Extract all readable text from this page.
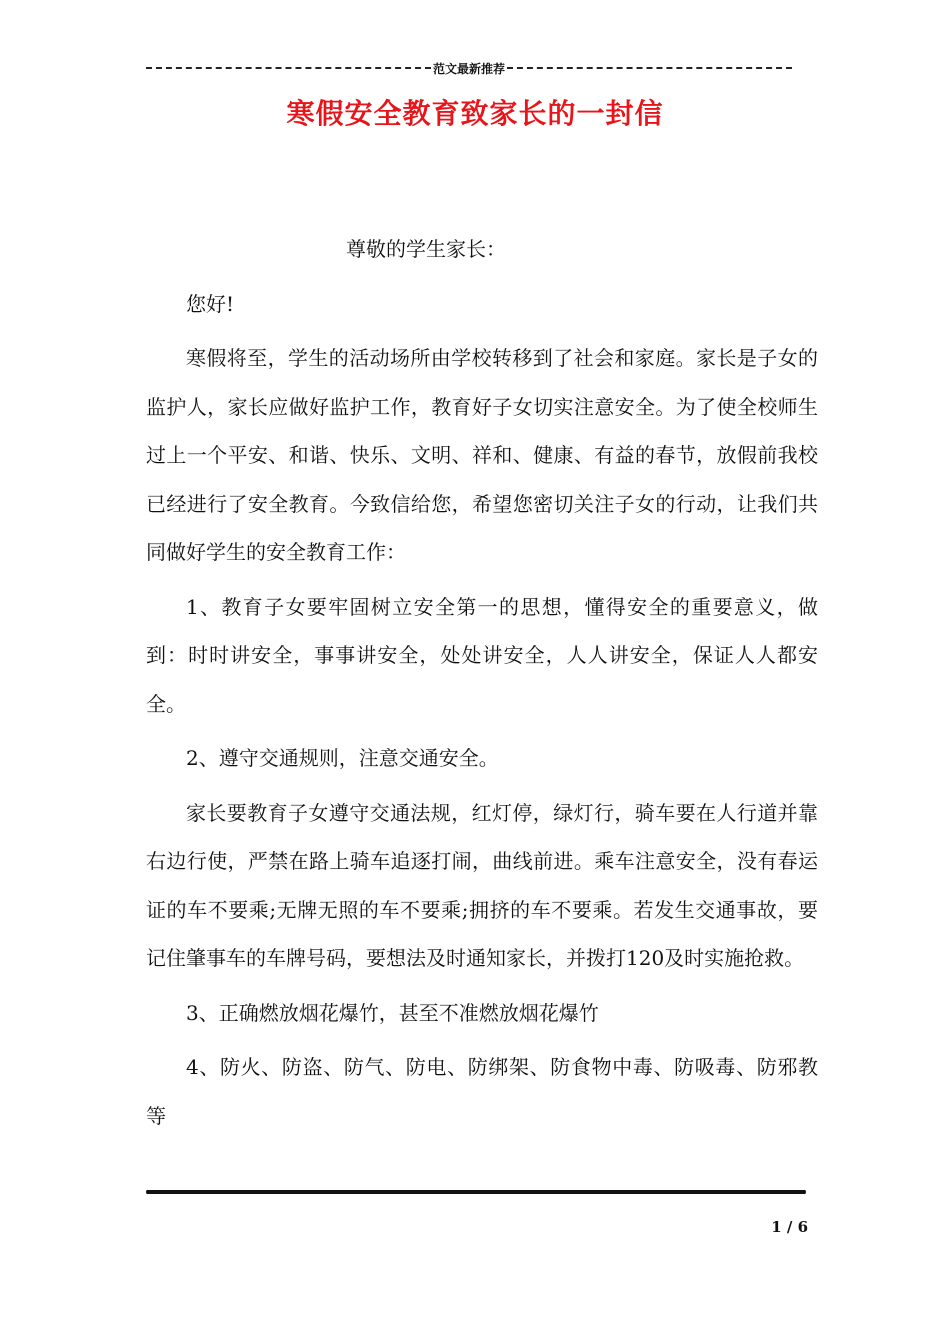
范文最新推荐
寒假安全教育致家长的一封信

尊敬的学生家长：

您好!

寒假将至，学生的活动场所由学校转移到了社会和家庭。家长是子女的监护人，家长应做好监护工作，教育好子女切实注意安全。为了使全校师生过上一个平安、和谐、快乐、文明、祥和、健康、有益的春节，放假前我校已经进行了安全教育。今致信给您，希望您密切关注子女的行动，让我们共同做好学生的安全教育工作：

1、教育子女要牢固树立安全第一的思想，懂得安全的重要意义，做到：时时讲安全，事事讲安全，处处讲安全，人人讲安全，保证人人都安全。

2、遵守交通规则，注意交通安全。

家长要教育子女遵守交通法规，红灯停，绿灯行，骑车要在人行道并靠右边行使，严禁在路上骑车追逐打闹，曲线前进。乘车注意安全，没有春运证的车不要乘;无牌无照的车不要乘;拥挤的车不要乘。若发生交通事故，要记住肇事车的车牌号码，要想法及时通知家长，并拨打120及时实施抢救。

3、正确燃放烟花爆竹，甚至不准燃放烟花爆竹

4、防火、防盗、防气、防电、防绑架、防食物中毒、防吸毒、防邪教等

1 / 6
